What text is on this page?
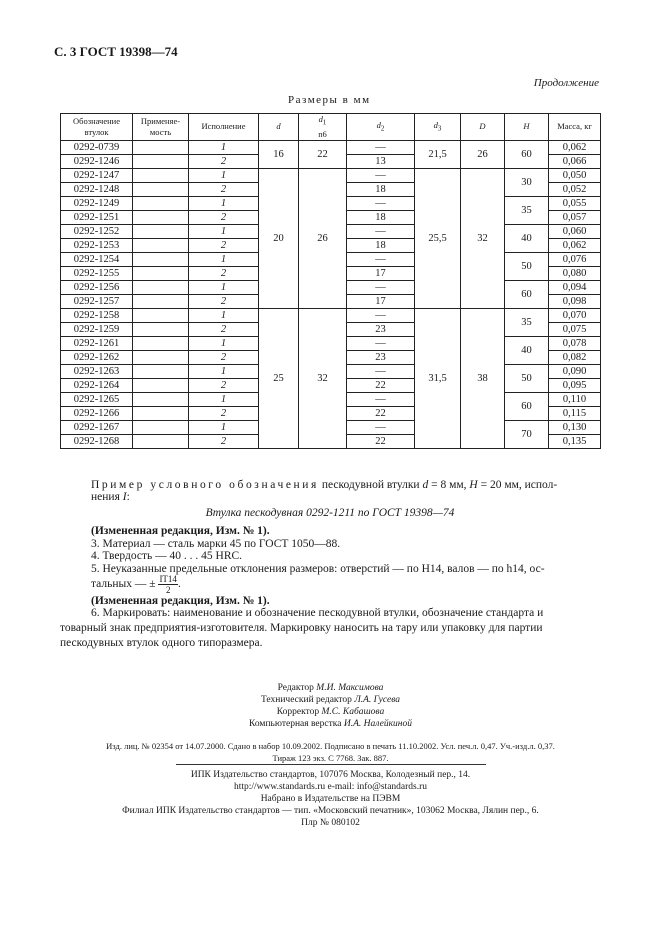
С. 3 ГОСТ 19398—74
Продолжение
Размеры в мм
Обозначение втулок	Применяе-мость	Исполнение	d	$d_1$
n6	$d_2$	$d_3$	D	H	Масса, кг
0292-0739		1	16	22	—	21,5	26	60	0,062
0292-1246		2			13				0,066
0292-1247		1	20	26	—	25,5	32	30	0,050
0292-1248		2			18				0,052
0292-1249		1			—			35	0,055
0292-1251		2			18				0,057
0292-1252		1			—			40	0,060
0292-1253		2			18				0,062
0292-1254		1			—			50	0,076
0292-1255		2			17				0,080
0292-1256		1			—			60	0,094
0292-1257		2			17				0,098
0292-1258		1	25	32	—	31,5	38	35	0,070
0292-1259		2			23				0,075
0292-1261		1			—			40	0,078
0292-1262		2			23				0,082
0292-1263		1			—			50	0,090
0292-1264		2			22				0,095
0292-1265		1			—			60	0,110
0292-1266		2			22				0,115
0292-1267		1			—			70	0,130
0292-1268		2			22				0,135
Пример условного обозначения пескодувной втулки d = 8 мм, H = 20 мм, испол-
нения I:
Втулка пескодувная 0292-1211 по ГОСТ 19398—74
(Измененная редакция, Изм. № 1).
3. Материал — сталь марки 45 по ГОСТ 1050—88.
4. Твердость — 40 . . . 45 HRC.
5. Неуказанные предельные отклонения размеров: отверстий — по H14, валов — по h14, ос-
тальных — ± $\frac{IT14}{2}$.
(Измененная редакция, Изм. № 1).
6. Маркировать: наименование и обозначение пескодувной втулки, обозначение стандарта и
товарный знак предприятия-изготовителя. Маркировку наносить на тару или упаковку для партии
пескодувных втулок одного типоразмера.
Редактор М.И. Максимова
Технический редактор Л.А. Гусева
Корректор М.С. Кабашова
Компьютерная верстка И.А. Налейкиной
Изд. лиц. № 02354 от 14.07.2000. Сдано в набор 10.09.2002. Подписано в печать 11.10.2002. Усл. печ.л. 0,47. Уч.-изд.л. 0,37.
Тираж 123 экз. С 7768. Зак. 887.
ИПК Издательство стандартов, 107076 Москва, Колодезный пер., 14.
http://www.standards.ru e-mail: info@standards.ru
Набрано в Издательстве на ПЭВМ
Филиал ИПК Издательство стандартов — тип. «Московский печатник», 103062 Москва, Лялин пер., 6.
Плр № 080102
